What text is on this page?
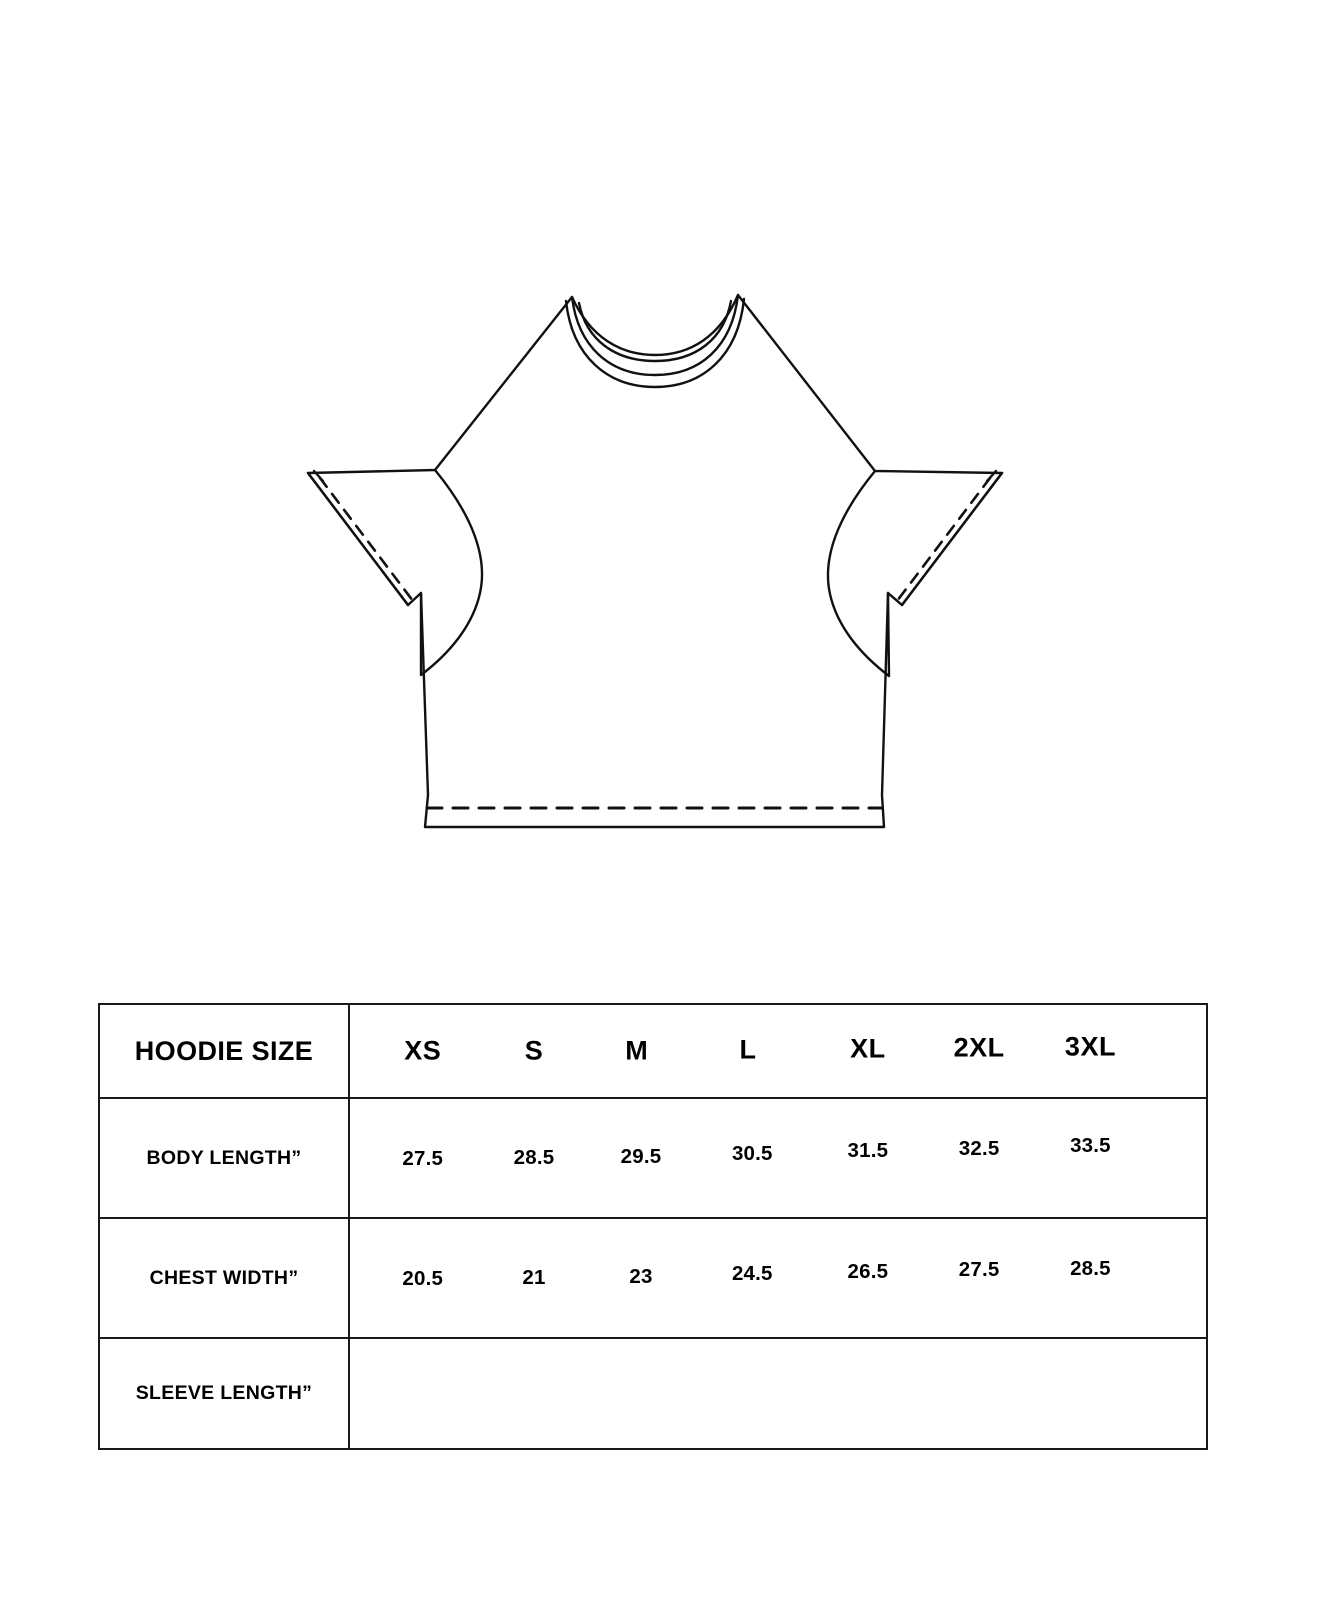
HOODIE SIZE	XS	S	M	L	XL	2XL	3XL

BODY LENGTH”	27.5	28.5	29.5	30.5	31.5	32.5	33.5

CHEST WIDTH”	20.5	21	23	24.5	26.5	27.5	28.5

SLEEVE LENGTH”	
